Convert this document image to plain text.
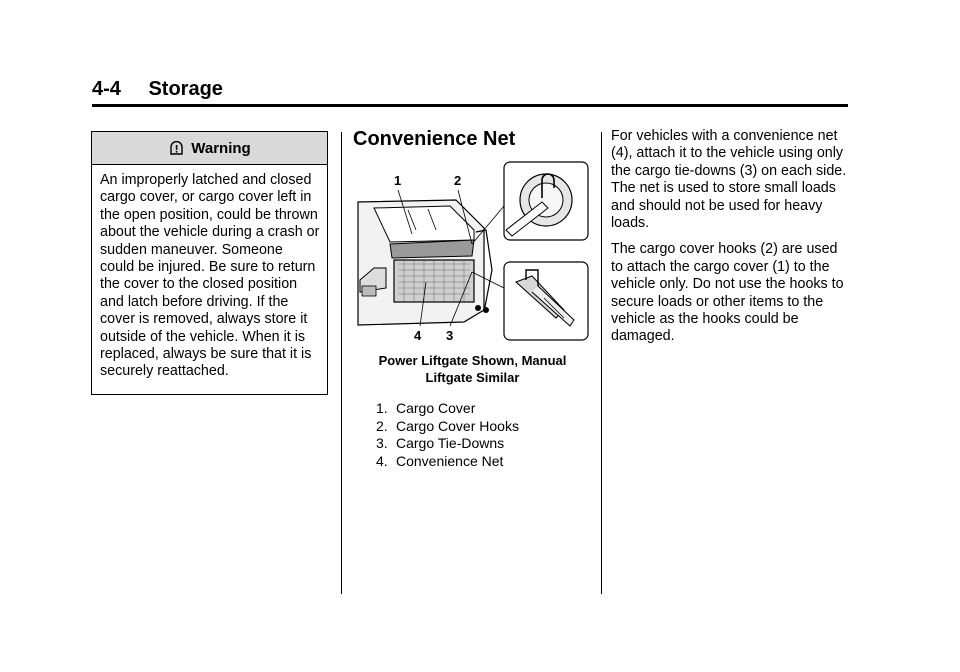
4-4 Storage
Warning
An improperly latched and closed cargo cover, or cargo cover left in the open position, could be thrown about the vehicle during a crash or sudden maneuver. Someone could be injured. Be sure to return the cover to the closed position and latch before driving. If the cover is removed, always store it outside of the vehicle. When it is replaced, always be sure that it is securely reattached.
Convenience Net
1	2
3
4
Power Liftgate Shown, Manual
Liftgate Similar
1. Cargo Cover
2. Cargo Cover Hooks
3. Cargo Tie-Downs
4. Convenience Net

For vehicles with a convenience net (4), attach it to the vehicle using only the cargo tie-downs (3) on each side. The net is used to store small loads and should not be used for heavy loads.

The cargo cover hooks (2) are used to attach the cargo cover (1) to the vehicle only. Do not use the hooks to secure loads or other items to the vehicle as the hooks could be damaged.
